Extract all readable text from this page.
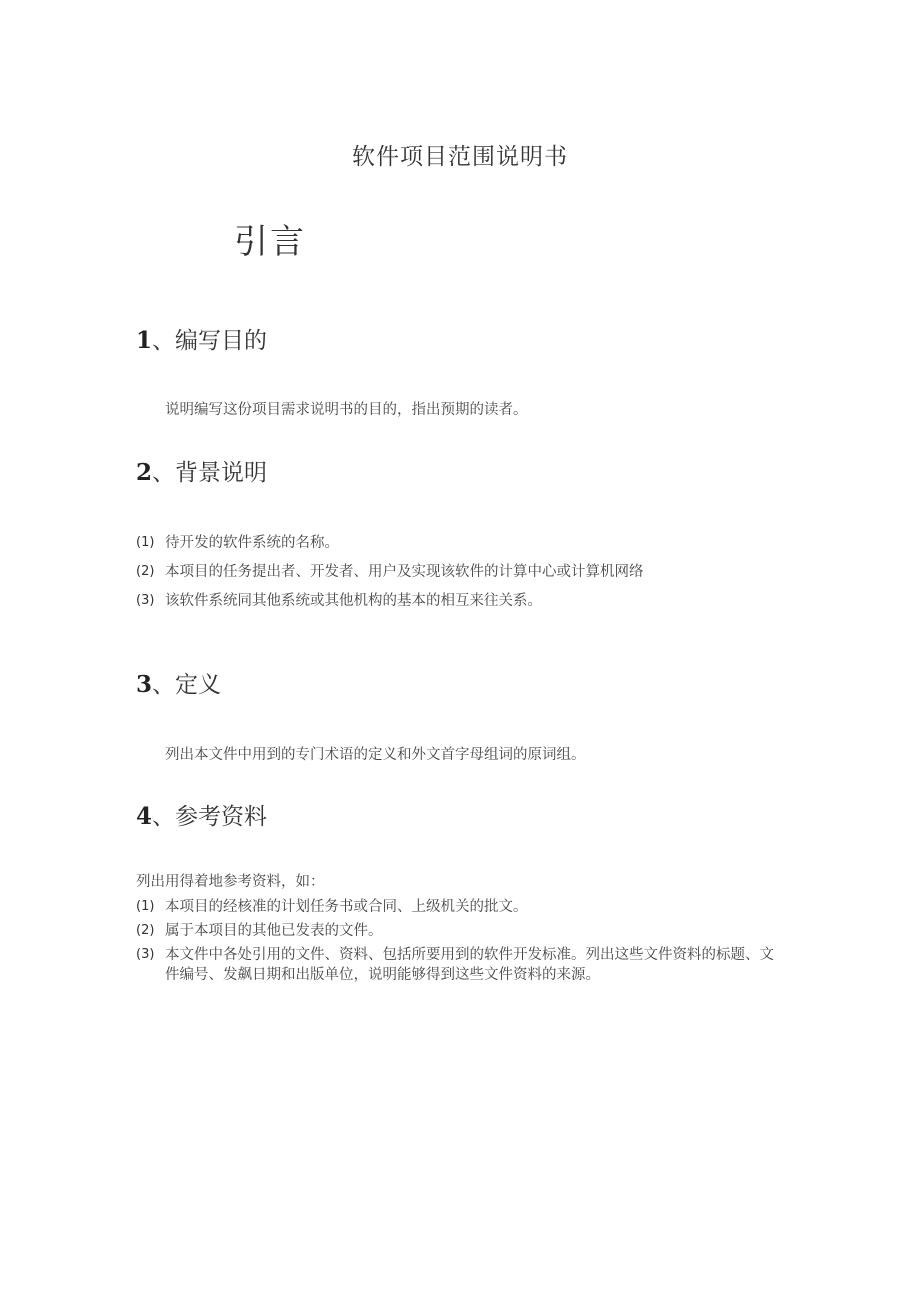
软件项目范围说明书
引言
1、编写目的
说明编写这份项目需求说明书的目的，指出预期的读者。
2、背景说明
(1) 待开发的软件系统的名称。
(2) 本项目的任务提出者、开发者、用户及实现该软件的计算中心或计算机网络
(3) 该软件系统同其他系统或其他机构的基本的相互来往关系。
3、定义
列出本文件中用到的专门术语的定义和外文首字母组词的原词组。
4、参考资料
列出用得着地参考资料，如：
(1) 本项目的经核准的计划任务书或合同、上级机关的批文。
(2) 属于本项目的其他已发表的文件。
(3) 本文件中各处引用的文件、资料、包括所要用到的软件开发标准。列出这些文件资料的标题、文件编号、发飙日期和出版单位，说明能够得到这些文件资料的来源。
